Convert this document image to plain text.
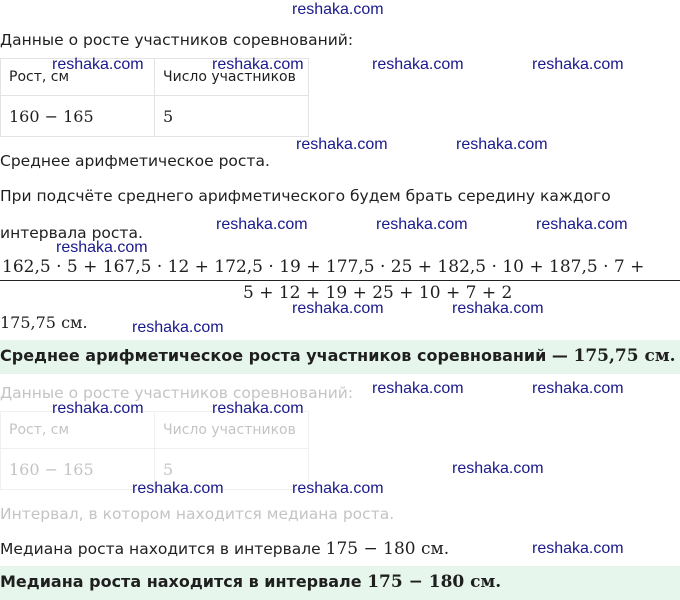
Данные о росте участников соревнований:
Рост, см	Число участников
160 − 165	5
Среднее арифметическое роста.
При подсчёте среднего арифметического будем брать середину каждого
интервала роста.
162,5 · 5 + 167,5 · 12 + 172,5 · 19 + 177,5 · 25 + 182,5 · 10 + 187,5 · 7 +
5 + 12 + 19 + 25 + 10 + 7 + 2
175,75 см.
Среднее арифметическое роста участников соревнований — 175,75 см.
Данные о росте участников соревнований:
Рост, см	Число участников
160 − 165	5
Интервал, в котором находится медиана роста.
Медиана роста находится в интервале 175 − 180 см.
Медиана роста находится в интервале 175 − 180 см.
reshaka.com
reshaka.com	reshaka.com	reshaka.com	reshaka.com
reshaka.com	reshaka.com
reshaka.com	reshaka.com	reshaka.com
reshaka.com
reshaka.com	reshaka.com
reshaka.com
reshaka.com	reshaka.com
reshaka.com	reshaka.com
reshaka.com
reshaka.com	reshaka.com
reshaka.com
